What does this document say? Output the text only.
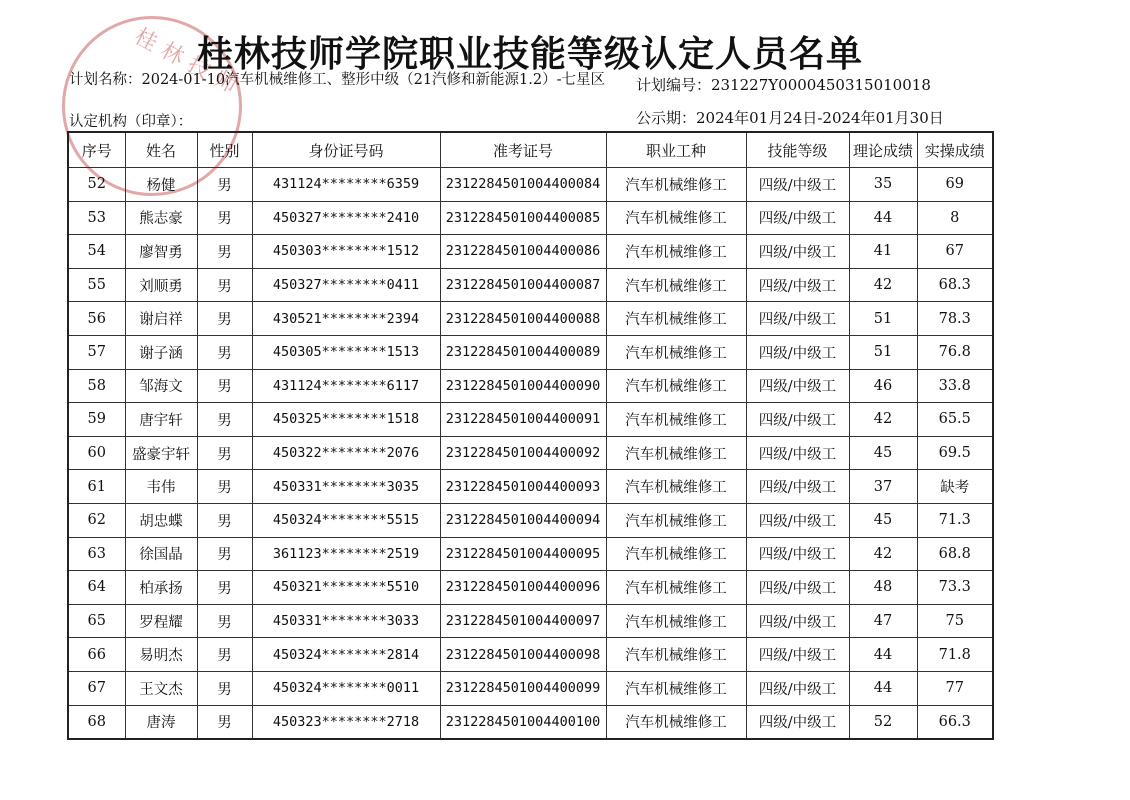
桂林技师
桂林技师学院职业技能等级认定人员名单
计划名称：2024-01-10汽车机械维修工、整形中级（21汽修和新能源1.2）-七星区 计划编号：231227Y0000450315010018
认定机构（印章）：	公示期：2024年01月24日-2024年01月30日
序号	姓名	性别	身份证号码	准考证号	职业工种	技能等级	理论成绩	实操成绩
52	杨健	男	431124********6359	2312284501004400084	汽车机械维修工	四级/中级工	35	69
53	熊志豪	男	450327********2410	2312284501004400085	汽车机械维修工	四级/中级工	44	8
54	廖智勇	男	450303********1512	2312284501004400086	汽车机械维修工	四级/中级工	41	67
55	刘顺勇	男	450327********0411	2312284501004400087	汽车机械维修工	四级/中级工	42	68.3
56	谢启祥	男	430521********2394	2312284501004400088	汽车机械维修工	四级/中级工	51	78.3
57	谢子涵	男	450305********1513	2312284501004400089	汽车机械维修工	四级/中级工	51	76.8
58	邹海文	男	431124********6117	2312284501004400090	汽车机械维修工	四级/中级工	46	33.8
59	唐宇轩	男	450325********1518	2312284501004400091	汽车机械维修工	四级/中级工	42	65.5
60	盛豪宇轩	男	450322********2076	2312284501004400092	汽车机械维修工	四级/中级工	45	69.5
61	韦伟	男	450331********3035	2312284501004400093	汽车机械维修工	四级/中级工	37	缺考
62	胡忠蝶	男	450324********5515	2312284501004400094	汽车机械维修工	四级/中级工	45	71.3
63	徐国晶	男	361123********2519	2312284501004400095	汽车机械维修工	四级/中级工	42	68.8
64	柏承扬	男	450321********5510	2312284501004400096	汽车机械维修工	四级/中级工	48	73.3
65	罗程耀	男	450331********3033	2312284501004400097	汽车机械维修工	四级/中级工	47	75
66	易明杰	男	450324********2814	2312284501004400098	汽车机械维修工	四级/中级工	44	71.8
67	王文杰	男	450324********0011	2312284501004400099	汽车机械维修工	四级/中级工	44	77
68	唐涛	男	450323********2718	2312284501004400100	汽车机械维修工	四级/中级工	52	66.3
